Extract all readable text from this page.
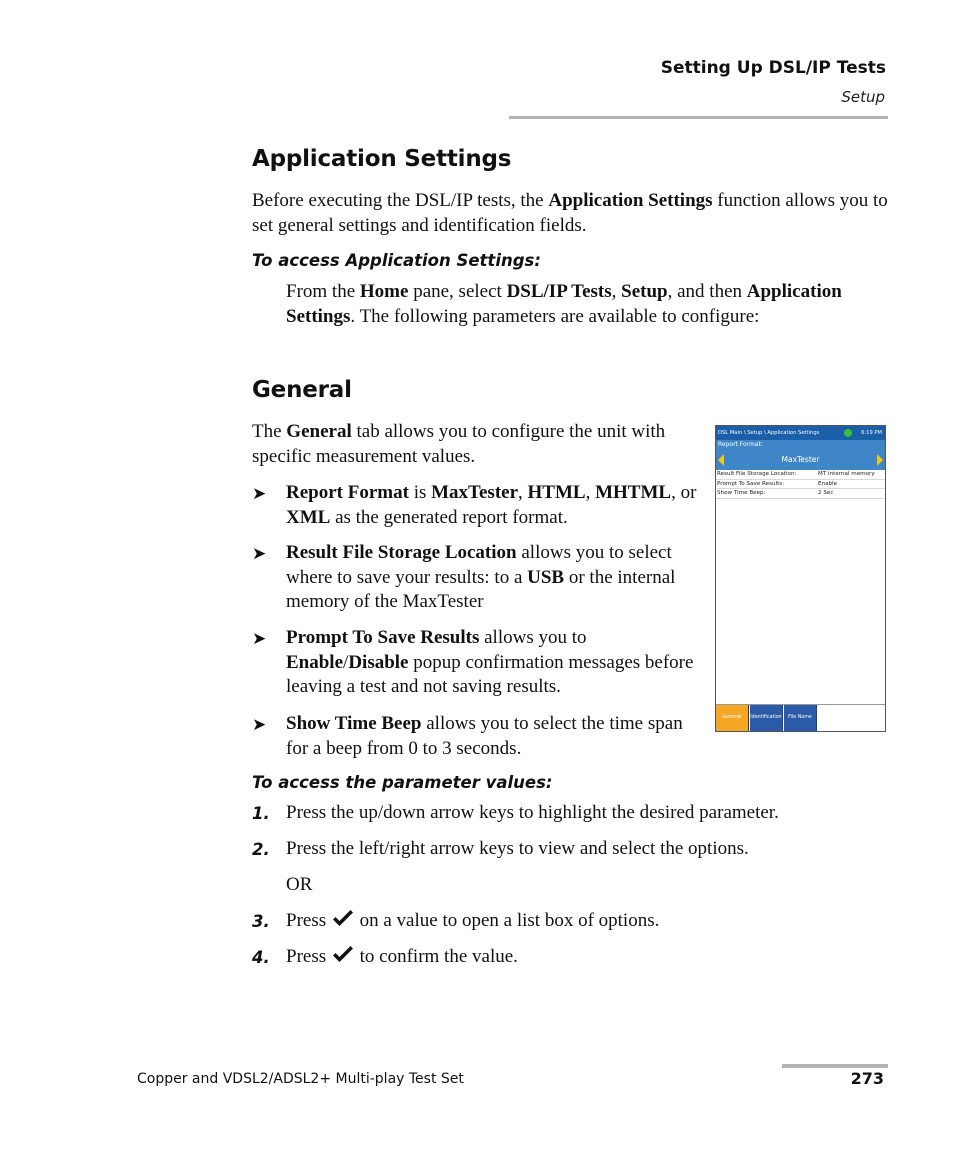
Setting Up DSL/IP Tests
Setup
Application Settings

Before executing the DSL/IP tests, the Application Settings function allows you to set general settings and identification fields.

To access Application Settings:

From the Home pane, select DSL/IP Tests, Setup, and then Application Settings. The following parameters are available to configure:

General

The General tab allows you to configure the unit with specific measurement values.

➤ Report Format is MaxTester, HTML, MHTML, or XML as the generated report format.

➤ Result File Storage Location allows you to select where to save your results: to a USB or the internal memory of the MaxTester

➤ Prompt To Save Results allows you to Enable/Disable popup confirmation messages before leaving a test and not saving results.

➤ Show Time Beep allows you to select the time span for a beep from 0 to 3 seconds.

To access the parameter values:
1. Press the up/down arrow keys to highlight the desired parameter.

2. Press the left/right arrow keys to view and select the options.

OR

3. Press  on a value to open a list box of options.

4. Press  to confirm the value.

DSL Main \ Setup \ Application Settings	6:19 PM
Report Format:
MaxTester
Result File Storage Location:	MT internal memory
Prompt To Save Results:	Enable
Show Time Beep:	2 Sec
General	Identification	File Name
Copper and VDSL2/ADSL2+ Multi-play Test Set	273
